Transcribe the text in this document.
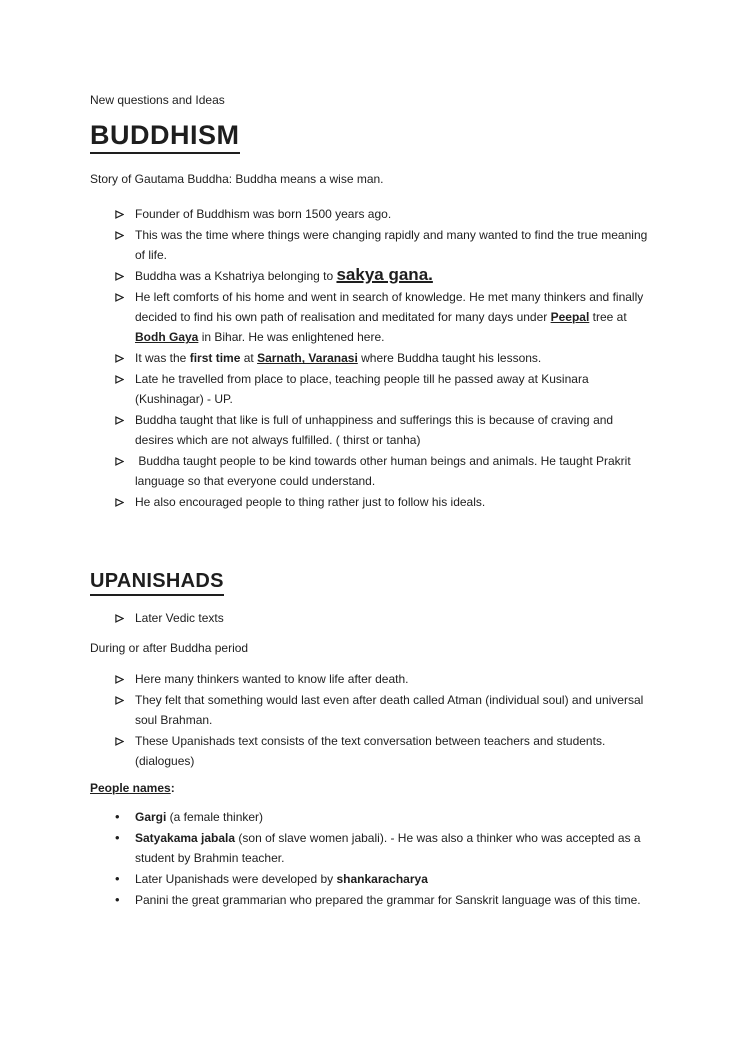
New questions and Ideas

BUDDHISM

Story of Gautama Buddha: Buddha means a wise man.

Founder of Buddhism was born 1500 years ago.
This was the time where things were changing rapidly and many wanted to find the true meaning of life.
Buddha was a Kshatriya belonging to sakya gana.
He left comforts of his home and went in search of knowledge. He met many thinkers and finally decided to find his own path of realisation and meditated for many days under Peepal tree at Bodh Gaya in Bihar. He was enlightened here.
It was the first time at Sarnath, Varanasi where Buddha taught his lessons.
Late he travelled from place to place, teaching people till he passed away at Kusinara (Kushinagar) - UP.
Buddha taught that like is full of unhappiness and sufferings this is because of craving and desires which are not always fulfilled. ( thirst or tanha)
Buddha taught people to be kind towards other human beings and animals. He taught Prakrit language so that everyone could understand.
He also encouraged people to thing rather just to follow his ideals.
UPANISHADS
Later Vedic texts

During or after Buddha period

Here many thinkers wanted to know life after death.
They felt that something would last even after death called Atman (individual soul) and universal soul Brahman.
These Upanishads text consists of the text conversation between teachers and students. (dialogues)

People names:

•	Gargi (a female thinker)
•	Satyakama jabala (son of slave women jabali). - He was also a thinker who was accepted as a student by Brahmin teacher.
•	Later Upanishads were developed by shankaracharya
•	Panini the great grammarian who prepared the grammar for Sanskrit language was of this time.
